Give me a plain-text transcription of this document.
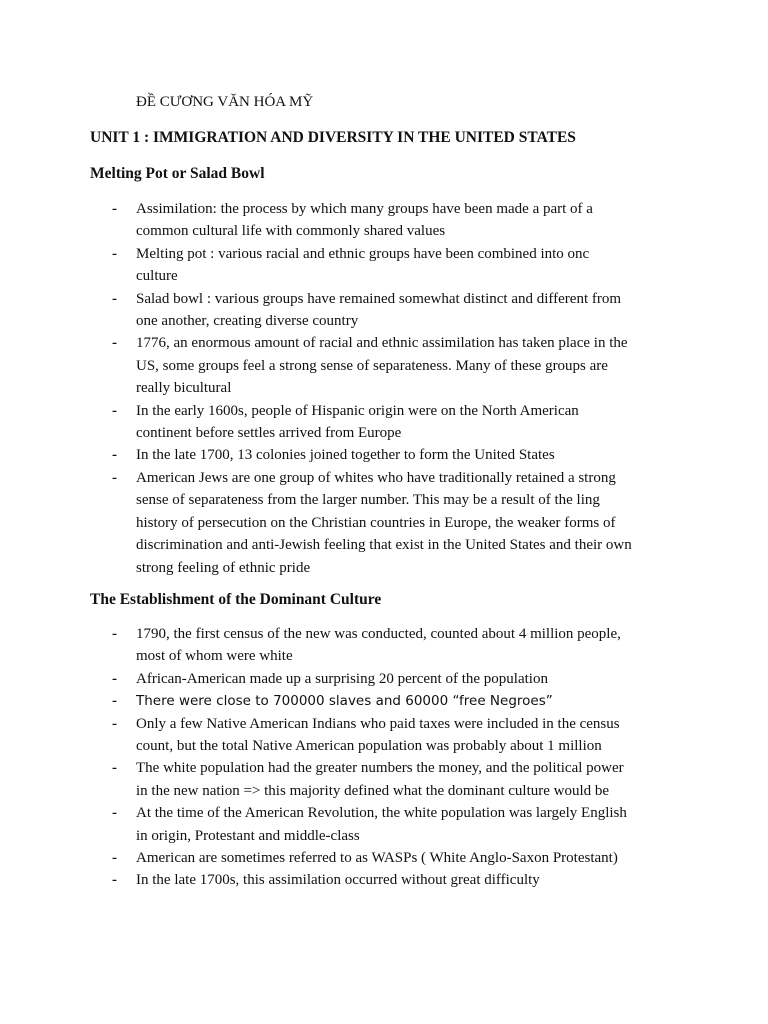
ĐỀ CƯƠNG VĂN HÓA MỸ
UNIT 1 : IMMIGRATION AND DIVERSITY IN THE UNITED STATES
Melting Pot or Salad Bowl
- Assimilation: the process by which many groups have been made a part of a
common cultural life with commonly shared values
- Melting pot : various racial and ethnic groups have been combined into onc
culture
- Salad bowl : various groups have remained somewhat distinct and different from
one another, creating diverse country
- 1776, an enormous amount of racial and ethnic assimilation has taken place in the
US, some groups feel a strong sense of separateness. Many of these groups are
really bicultural
- In the early 1600s, people of Hispanic origin were on the North American
continent before settles arrived from Europe
- In the late 1700, 13 colonies joined together to form the United States
- American Jews are one group of whites who have traditionally retained a strong
sense of separateness from the larger number. This may be a result of the ling
history of persecution on the Christian countries in Europe, the weaker forms of
discrimination and anti-Jewish feeling that exist in the United States and their own
strong feeling of ethnic pride
The Establishment of the Dominant Culture
- 1790, the first census of the new was conducted, counted about 4 million people,
most of whom were white
- African-American made up a surprising 20 percent of the population
- There were close to 700000 slaves and 60000 “free Negroes”
- Only a few Native American Indians who paid taxes were included in the census
count, but the total Native American population was probably about 1 million
- The white population had the greater numbers the money, and the political power
in the new nation => this majority defined what the dominant culture would be
- At the time of the American Revolution, the white population was largely English
in origin, Protestant and middle-class
- American are sometimes referred to as WASPs ( White Anglo-Saxon Protestant)
- In the late 1700s, this assimilation occurred without great difficulty
